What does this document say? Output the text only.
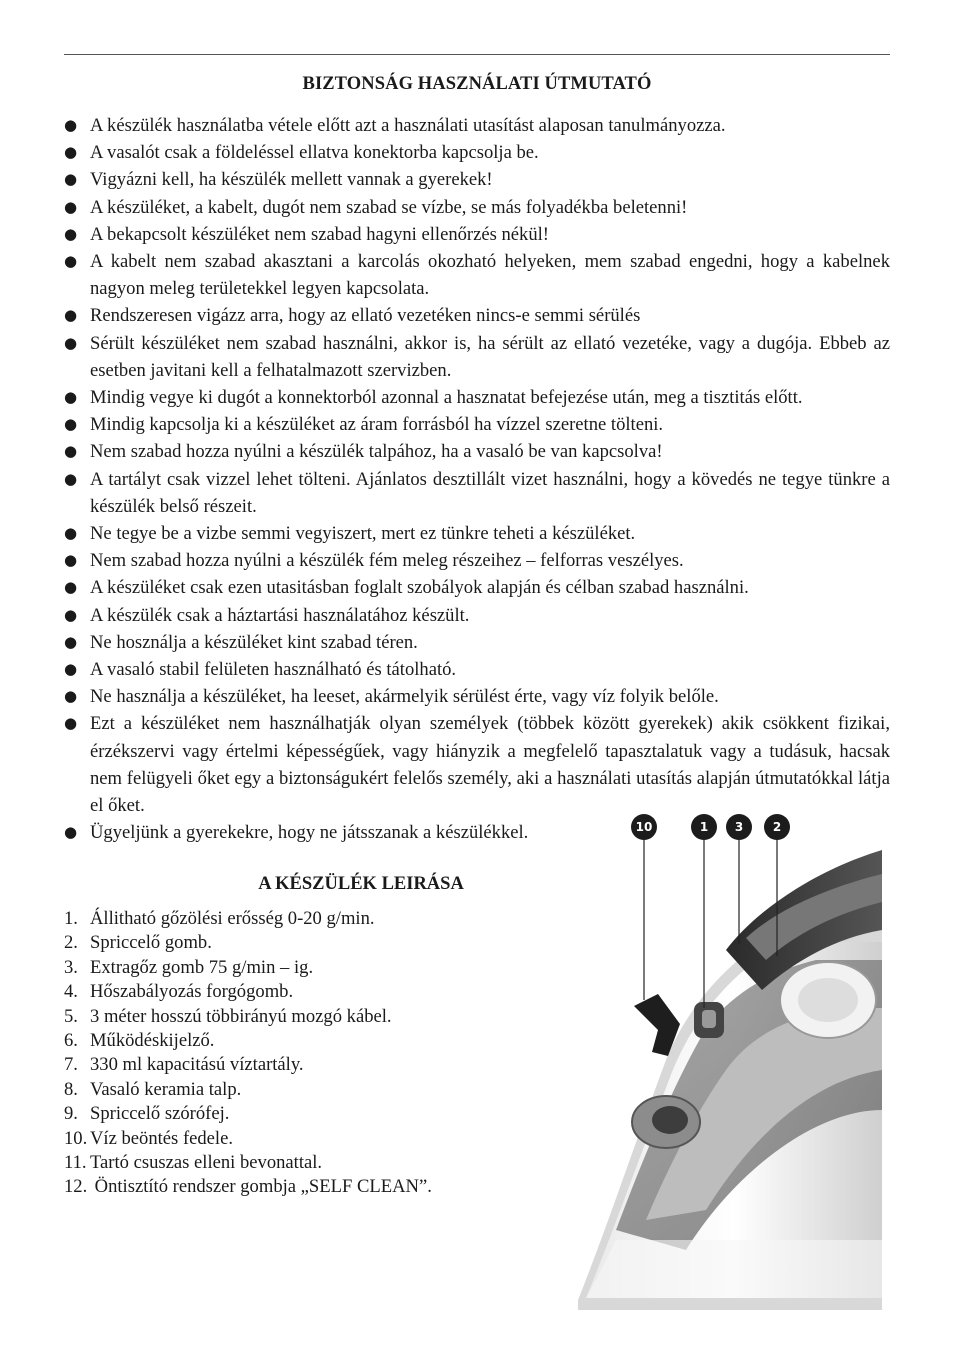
BIZTONSÁG HASZNÁLATI ÚTMUTATÓ
● A készülék használatba vétele előtt azt a használati utasítást alaposan tanulmányozza.
● A vasalót csak a földeléssel ellatva konektorba kapcsolja be.
● Vigyázni kell, ha készülék mellett vannak a gyerekek!
● A készüléket, a kabelt, dugót nem szabad se vízbe, se más folyadékba beletenni!
● A bekapcsolt készüléket nem szabad hagyni ellenőrzés nékül!
● A kabelt nem szabad akasztani a karcolás okozható helyeken, mem szabad engedni, hogy a kabelnek nagyon meleg területekkel legyen kapcsolata.
● Rendszeresen vigázz arra, hogy az ellató vezetéken nincs-e semmi sérülés
● Sérült készüléket nem szabad használni, akkor is, ha sérült az ellató vezetéke, vagy a dugója. Ebbeb az esetben javitani kell a felhatalmazott szervizben.
● Mindig vegye ki dugót a konnektorból azonnal a hasznatat befejezése után, meg a tisztitás előtt.
● Mindig kapcsolja ki a készüléket az áram forrásból ha vízzel szeretne tölteni.
● Nem szabad hozza nyúlni a készülék talpához, ha a vasaló be van kapcsolva!
● A tartályt csak vizzel lehet tölteni. Ajánlatos desztillált vizet használni, hogy a kövedés ne tegye tünkre a készülék belső részeit.
● Ne tegye be a vizbe semmi vegyiszert, mert ez tünkre teheti a készüléket.
● Nem szabad hozza nyúlni a készülék fém meleg részeihez – felforras veszélyes.
● A készüléket csak ezen utasitásban foglalt szobályok alapján és célban szabad használni.
● A készülék csak a háztartási használatához készült.
● Ne hosználja a készüléket kint szabad téren.
● A vasaló stabil felületen használható és tátolható.
● Ne használja a készüléket, ha leeset, akármelyik sérülést érte, vagy víz folyik belőle.
● Ezt a készüléket nem használhatják olyan személyek (többek között gyerekek) akik csökkent fizikai, érzékszervi vagy értelmi képességűek, vagy hiányzik a megfelelő tapasztalatuk vagy a tudásuk, hacsak nem felügyeli őket egy a biztonságukért felelős személy, aki a használati utasítás alapján útmutatókkal látja el őket.
● Ügyeljünk a gyerekekre, hogy ne játsszanak a készülékkel.
A KÉSZÜLÉK LEIRÁSA
1. Állitható gőzölési erősség 0-20 g/min.
2. Spriccelő gomb.
3. Extragőz gomb 75 g/min – ig.
4. Hőszabályozás forgógomb.
5. 3 méter hosszú többirányú mozgó kábel.
6. Működéskijelző.
7. 330 ml kapacitású víztartály.
8. Vasaló keramia talp.
9. Spriccelő szórófej.
10. Víz beöntés fedele.
11. Tartó csuszas elleni bevonattal.
12. Öntisztító rendszer gombja „SELF CLEAN”.
10	1	3	2
